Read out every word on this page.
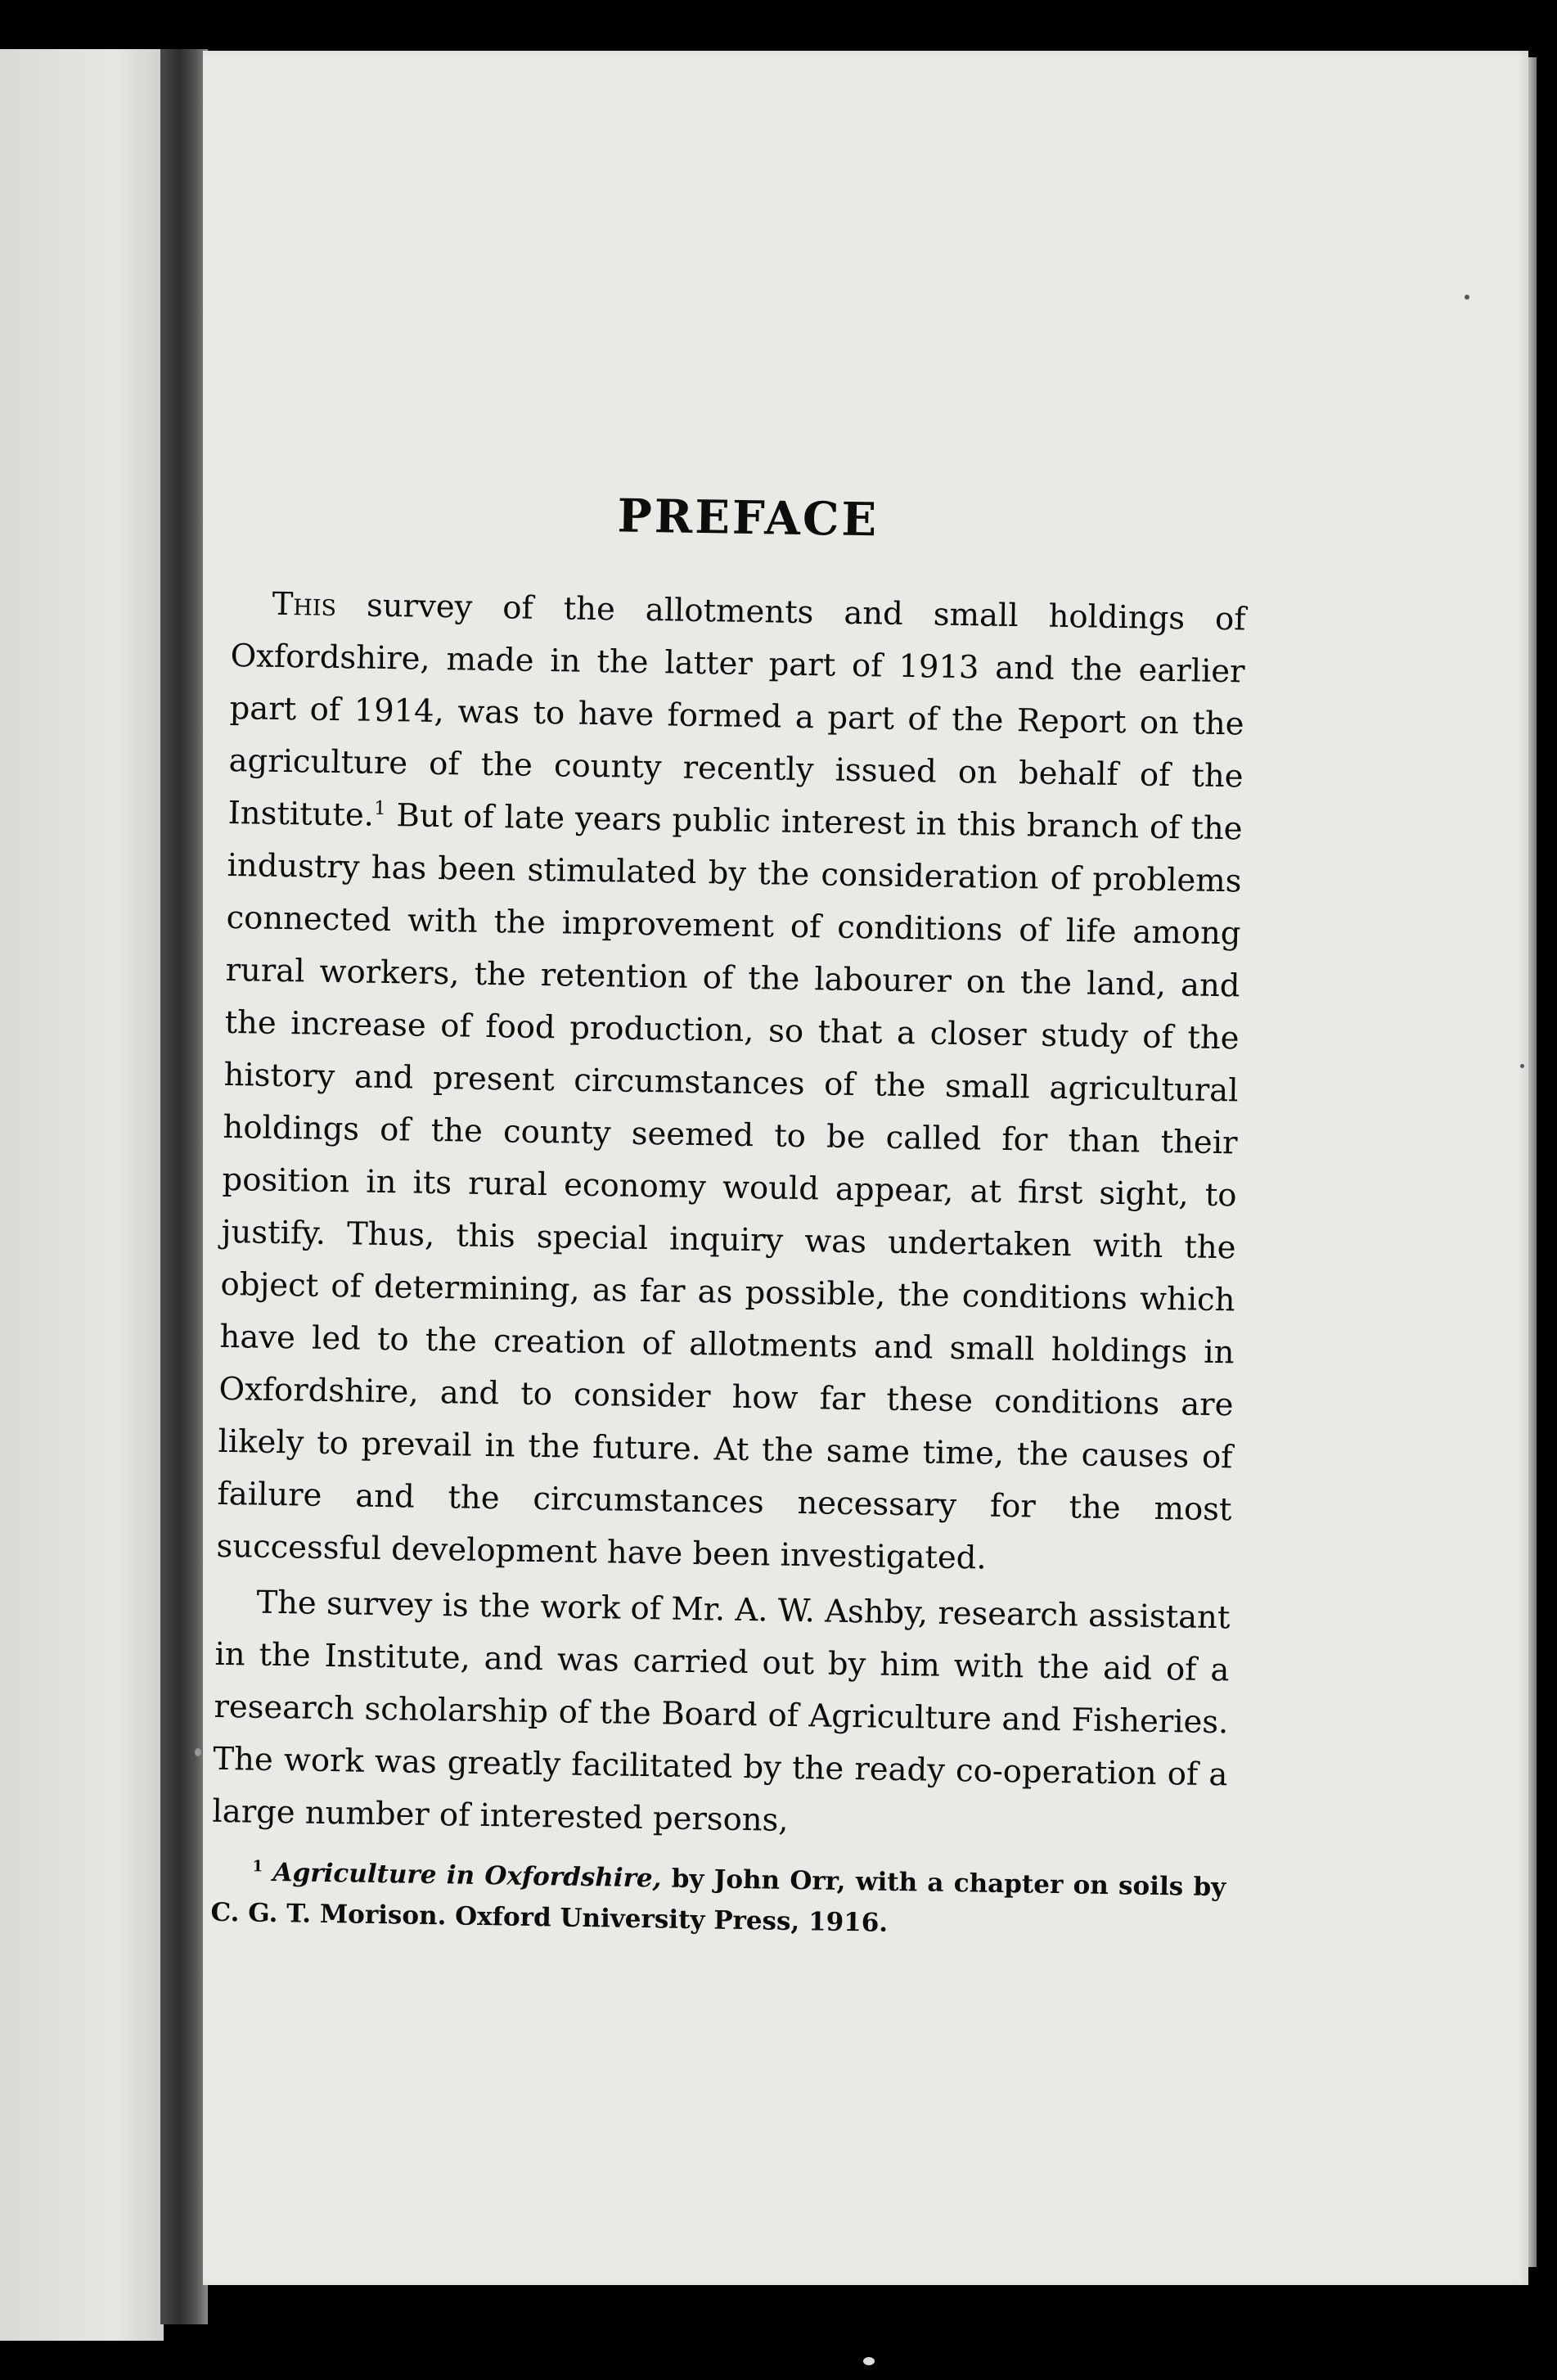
PREFACE

This survey of the allotments and small holdings of Oxfordshire, made in the latter part of 1913 and the earlier part of 1914, was to have formed a part of the Report on the agriculture of the county recently issued on behalf of the Institute.$^1$ But of late years public interest in this branch of the industry has been stimulated by the consideration of problems connected with the improvement of conditions of life among rural workers, the retention of the labourer on the land, and the increase of food production, so that a closer study of the history and present circumstances of the small agricultural holdings of the county seemed to be called for than their position in its rural economy would appear, at first sight, to justify. Thus, this special inquiry was undertaken with the object of determining, as far as possible, the conditions which have led to the creation of allotments and small holdings in Oxfordshire, and to consider how far these conditions are likely to prevail in the future. At the same time, the causes of failure and the circumstances necessary for the most successful development have been investigated.

The survey is the work of Mr. A. W. Ashby, research assistant in the Institute, and was carried out by him with the aid of a research scholarship of the Board of Agriculture and Fisheries. The work was greatly facilitated by the ready co-operation of a large number of interested persons,

$^1$ Agriculture in Oxfordshire, by John Orr, with a chapter on soils by C. G. T. Morison. Oxford University Press, 1916.
